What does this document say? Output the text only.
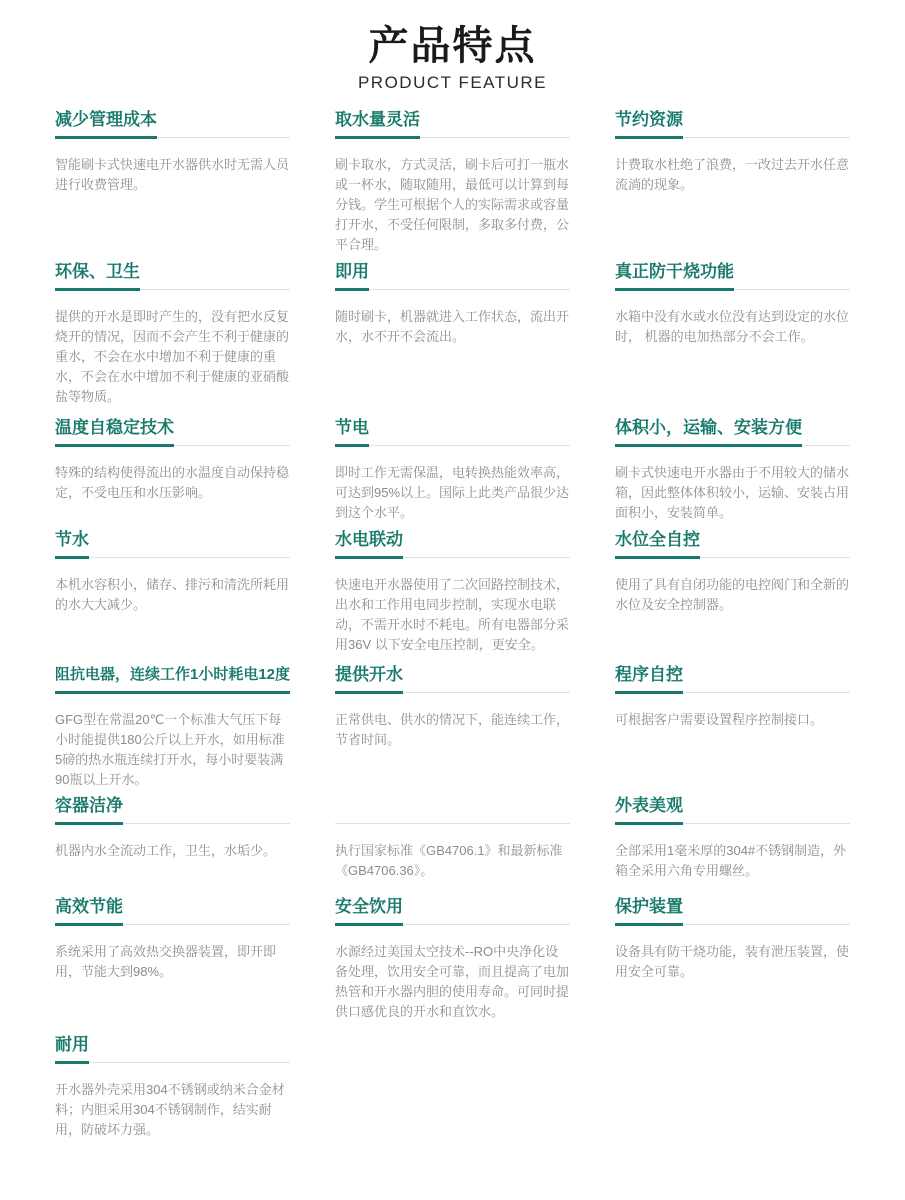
产品特点
PRODUCT FEATURE
减少管理成本

智能刷卡式快速电开水器供水时无需人员进行收费管理。

取水量灵活

刷卡取水，方式灵活，刷卡后可打一瓶水或一杯水，随取随用，最低可以计算到每分钱。学生可根据个人的实际需求或容量打开水，不受任何限制，多取多付费，公平合理。

节约资源

计费取水杜绝了浪费，一改过去开水任意流淌的现象。

环保、卫生

提供的开水是即时产生的，没有把水反复烧开的情况，因而不会产生不利于健康的重水，不会在水中增加不利于健康的重水，不会在水中增加不利于健康的亚硝酸盐等物质。

即用

随时刷卡，机器就进入工作状态，流出开水，水不开不会流出。

真正防干烧功能

水箱中没有水或水位没有达到设定的水位时， 机器的电加热部分不会工作。

温度自稳定技术

特殊的结构使得流出的水温度自动保持稳定，不受电压和水压影响。

节电

即时工作无需保温，电转换热能效率高，可达到95%以上。国际上此类产品很少达到这个水平。

体积小，运输、安装方便

刷卡式快速电开水器由于不用较大的储水箱，因此整体体积较小，运输、安装占用面积小，安装简单。

节水

本机水容积小，储存、排污和清洗所耗用的水大大减少。

水电联动

快速电开水器使用了二次回路控制技术，出水和工作用电同步控制，实现水电联动，不需开水时不耗电。所有电器部分采用36V 以下安全电压控制，更安全。

水位全自控

使用了具有自闭功能的电控阀门和全新的水位及安全控制器。

阻抗电器，连续工作1小时耗电12度

GFG型在常温20℃一个标准大气压下每小时能提供180公斤以上开水，如用标准5磅的热水瓶连续打开水，每小时要装满90瓶以上开水。

提供开水

正常供电、供水的情况下，能连续工作，节省时间。

程序自控

可根据客户需要设置程序控制接口。

容器洁净

机器内水全流动工作，卫生，水垢少。	执行国家标准《GB4706.1》和最新标准《GB4706.36》。

外表美观

全部采用1毫米厚的304#不锈钢制造，外箱全采用六角专用螺丝。

高效节能

系统采用了高效热交换器装置，即开即用，节能大到98%。

安全饮用

水源经过美国太空技术--RO中央净化设备处理，饮用安全可靠，而且提高了电加热管和开水器内胆的使用寿命。可同时提供口感优良的开水和直饮水。

保护装置

设备具有防干烧功能，装有泄压装置，使用安全可靠。

耐用

开水器外壳采用304不锈钢或纳米合金材料；内胆采用304不锈钢制作，结实耐用，防破坏力强。
